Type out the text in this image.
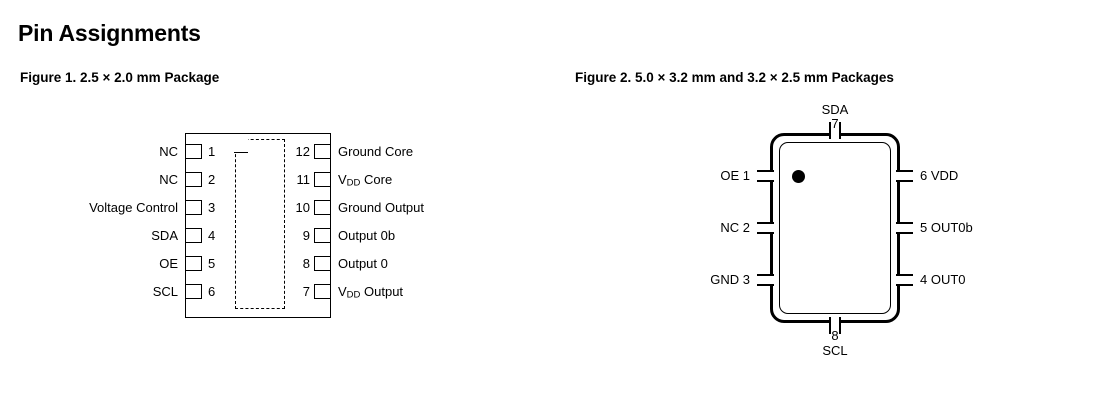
Pin Assignments
Figure 1. 2.5 × 2.0 mm Package
1
2
3
4
5
6
NC
NC
Voltage Control
SDA
OE
SCL
12
11
10
9
8
7
Ground Core
VDD Core
Ground Output
Output 0b
Output 0
VDD Output
Figure 2. 5.0 × 3.2 mm and 3.2 × 2.5 mm Packages
SDA
7
8
SCL
OE 1
NC 2
GND 3
6 VDD
5 OUT0b
4 OUT0
